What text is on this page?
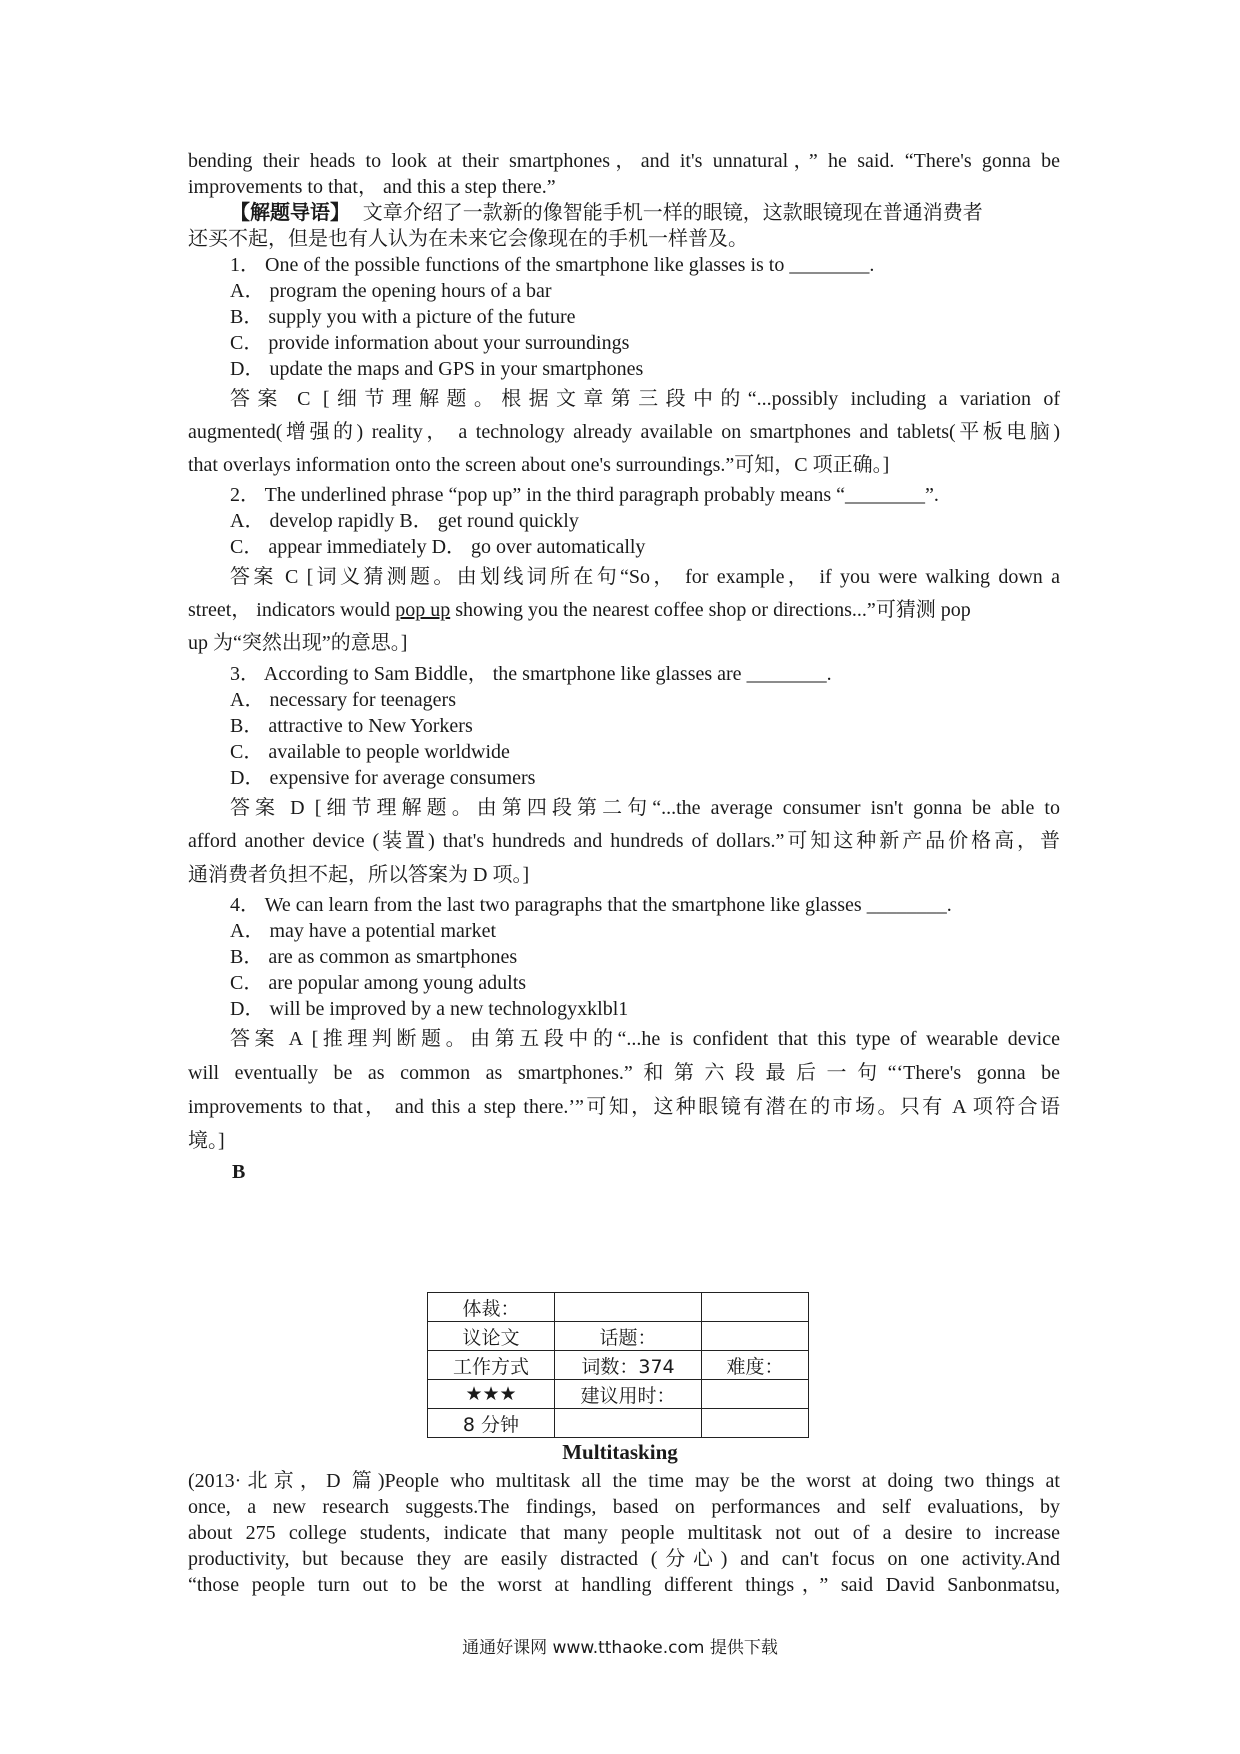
bending their heads to look at their smartphones，and it's unnatural，” he said. “There's gonna be
improvements to that， and this a step there.”
【解题导语】 文章介绍了一款新的像智能手机一样的眼镜，这款眼镜现在普通消费者
还买不起，但是也有人认为在未来它会像现在的手机一样普及。
1． One of the possible functions of the smartphone like glasses is to ________.
A． program the opening hours of a bar
B． supply you with a picture of the future
C． provide information about your surroundings
D． update the maps and GPS in your smartphones
答案 C [细节理解题。根据文章第三段中的“...possibly including a variation of
augmented(增强的) reality， a technology already available on smartphones and tablets(平板电脑)
that overlays information onto the screen about one's surroundings.”可知，C 项正确。]
2． The underlined phrase “pop up” in the third paragraph probably means “________”.
A． develop rapidly B． get round quickly
C． appear immediately D． go over automatically
答案 C [词义猜测题。由划线词所在句“So， for example， if you were walking down a
street， indicators would pop up showing you the nearest coffee shop or directions...”可猜测 pop
up 为“突然出现”的意思。]
3． According to Sam Biddle， the smartphone like glasses are ________.
A． necessary for teenagers
B． attractive to New Yorkers
C． available to people worldwide
D． expensive for average consumers
答案 D [细节理解题。由第四段第二句“...the average consumer isn't gonna be able to
afford another device (装置) that's hundreds and hundreds of dollars.”可知这种新产品价格高，普
通消费者负担不起，所以答案为 D 项。]
4． We can learn from the last two paragraphs that the smartphone like glasses ________.
A． may have a potential market
B． are as common as smartphones
C． are popular among young adults
D． will be improved by a new technologyxklbl1
答案 A [推理判断题。由第五段中的“...he is confident that this type of wearable device
will eventually be as common as smartphones.”和第六段最后一句“‘There's gonna be
improvements to that， and this a step there.’”可知，这种眼镜有潜在的市场。只有 A 项符合语
境。]
B
体裁：		
议论文	话题：	
工作方式	词数：374	难度：
★★★	建议用时：	
8 分钟		
Multitasking
(2013·北京，D 篇)People who multitask all the time may be the worst at doing two things at
once, a new research suggests.The findings, based on performances and self evaluations, by
about 275 college students, indicate that many people multitask not out of a desire to increase
productivity, but because they are easily distracted (分心) and can't focus on one activity.And
“those people turn out to be the worst at handling different things，” said David Sanbonmatsu,
通通好课网 www.tthaoke.com 提供下载
